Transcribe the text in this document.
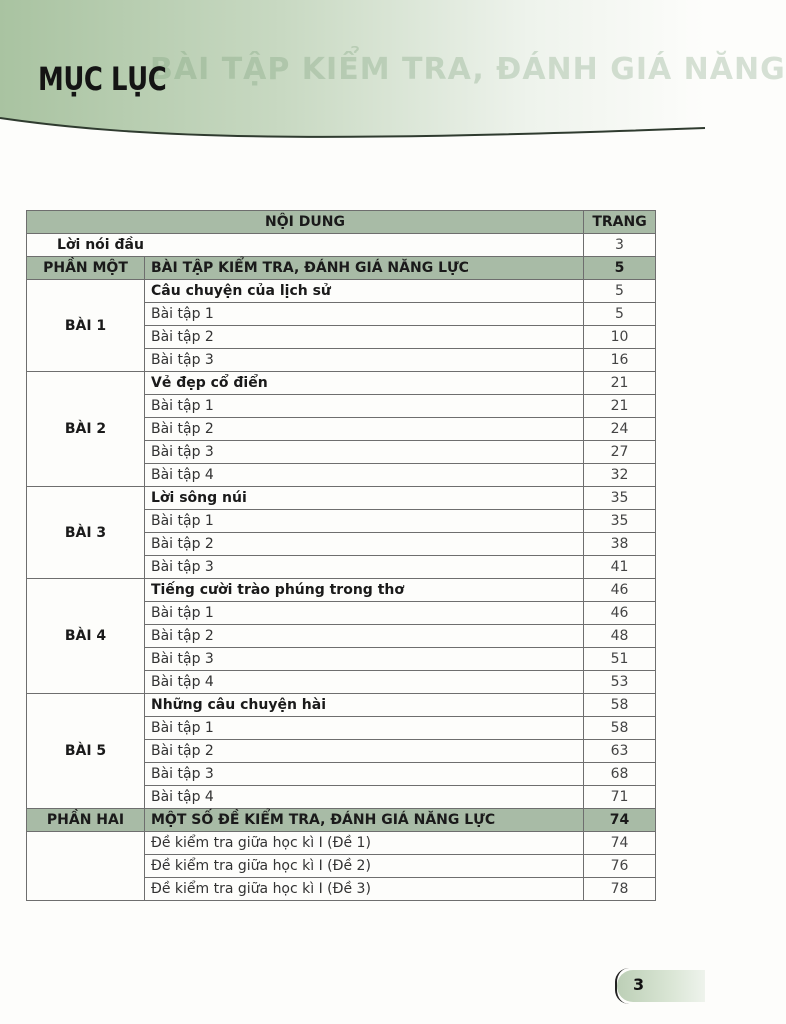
BÀI TẬP KIỂM TRA, ĐÁNH GIÁ NĂNG
MỤC LỤC
NỘI DUNG		TRANG
Lời nói đầu		3
PHẦN MỘT	BÀI TẬP KIỂM TRA, ĐÁNH GIÁ NĂNG LỰC	5
BÀI 1	Câu chuyện của lịch sử	5
	Bài tập 1	5
	Bài tập 2	10
	Bài tập 3	16
BÀI 2	Vẻ đẹp cổ điển	21
	Bài tập 1	21
	Bài tập 2	24
	Bài tập 3	27
	Bài tập 4	32
BÀI 3	Lời sông núi	35
	Bài tập 1	35
	Bài tập 2	38
	Bài tập 3	41
BÀI 4	Tiếng cười trào phúng trong thơ	46
	Bài tập 1	46
	Bài tập 2	48
	Bài tập 3	51
	Bài tập 4	53
BÀI 5	Những câu chuyện hài	58
	Bài tập 1	58
	Bài tập 2	63
	Bài tập 3	68
	Bài tập 4	71
PHẦN HAI	MỘT SỐ ĐỀ KIỂM TRA, ĐÁNH GIÁ NĂNG LỰC	74
	Đề kiểm tra giữa học kì I (Đề 1)	74
	Đề kiểm tra giữa học kì I (Đề 2)	76
	Đề kiểm tra giữa học kì I (Đề 3)	78
3
